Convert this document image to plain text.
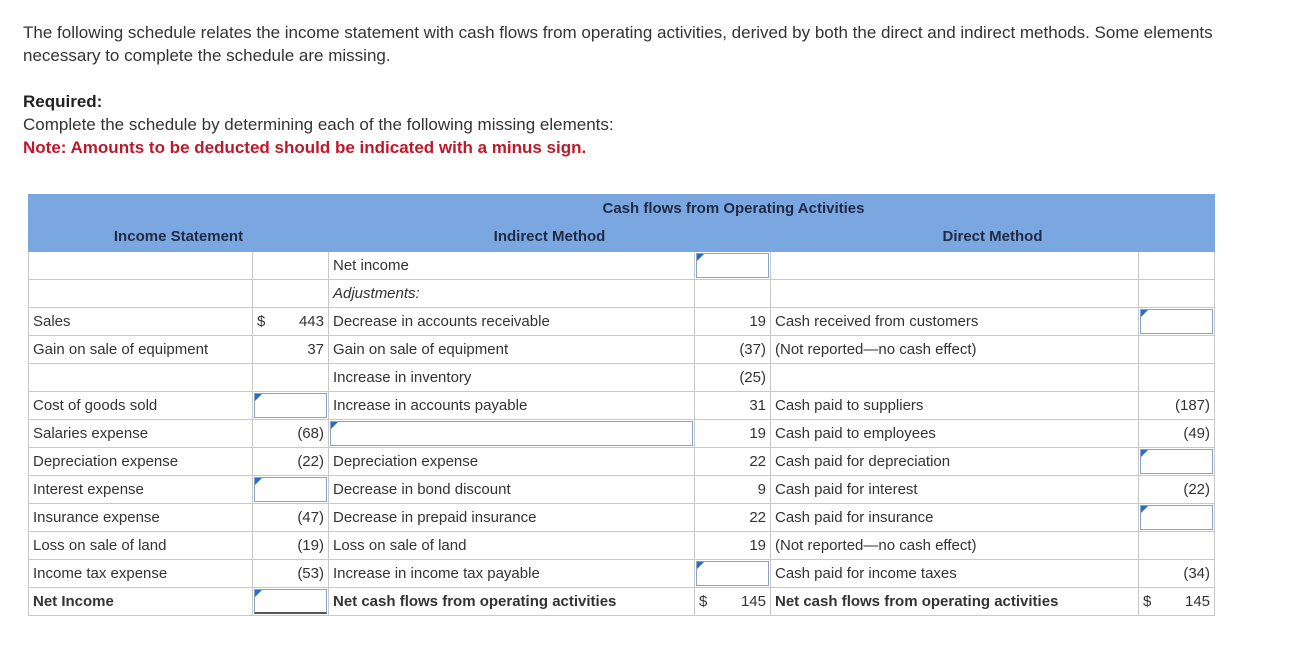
The following schedule relates the income statement with cash flows from operating activities, derived by both the direct and indirect methods. Some elements necessary to complete the schedule are missing.

Required:
Complete the schedule by determining each of the following missing elements:
Note: Amounts to be deducted should be indicated with a minus sign.
		Cash flows from Operating Activities			
Income Statement		Indirect Method		Direct Method	
		Net income	

		Adjustments:			
Sales	$ 443	Decrease in accounts receivable	19	Cash received from customers	

Gain on sale of equipment	37	Gain on sale of equipment	(37)	(Not reported—no cash effect)	
		Increase in inventory	(25)		
Cost of goods sold		Increase in accounts payable	31	Cash paid to suppliers	(187)
Salaries expense	(68)		19	Cash paid to employees	(49)
Depreciation expense	(22)	Depreciation expense	22	Cash paid for depreciation	

Interest expense		Decrease in bond discount	9	Cash paid for interest	(22)
Insurance expense	(47)	Decrease in prepaid insurance	22	Cash paid for insurance	

Loss on sale of land	(19)	Loss on sale of land	19	(Not reported—no cash effect)	
Income tax expense	(53)	Increase in income tax payable		Cash paid for income taxes	(34)
Net Income		Net cash flows from operating activities	$ 145	Net cash flows from operating activities	$ 145
